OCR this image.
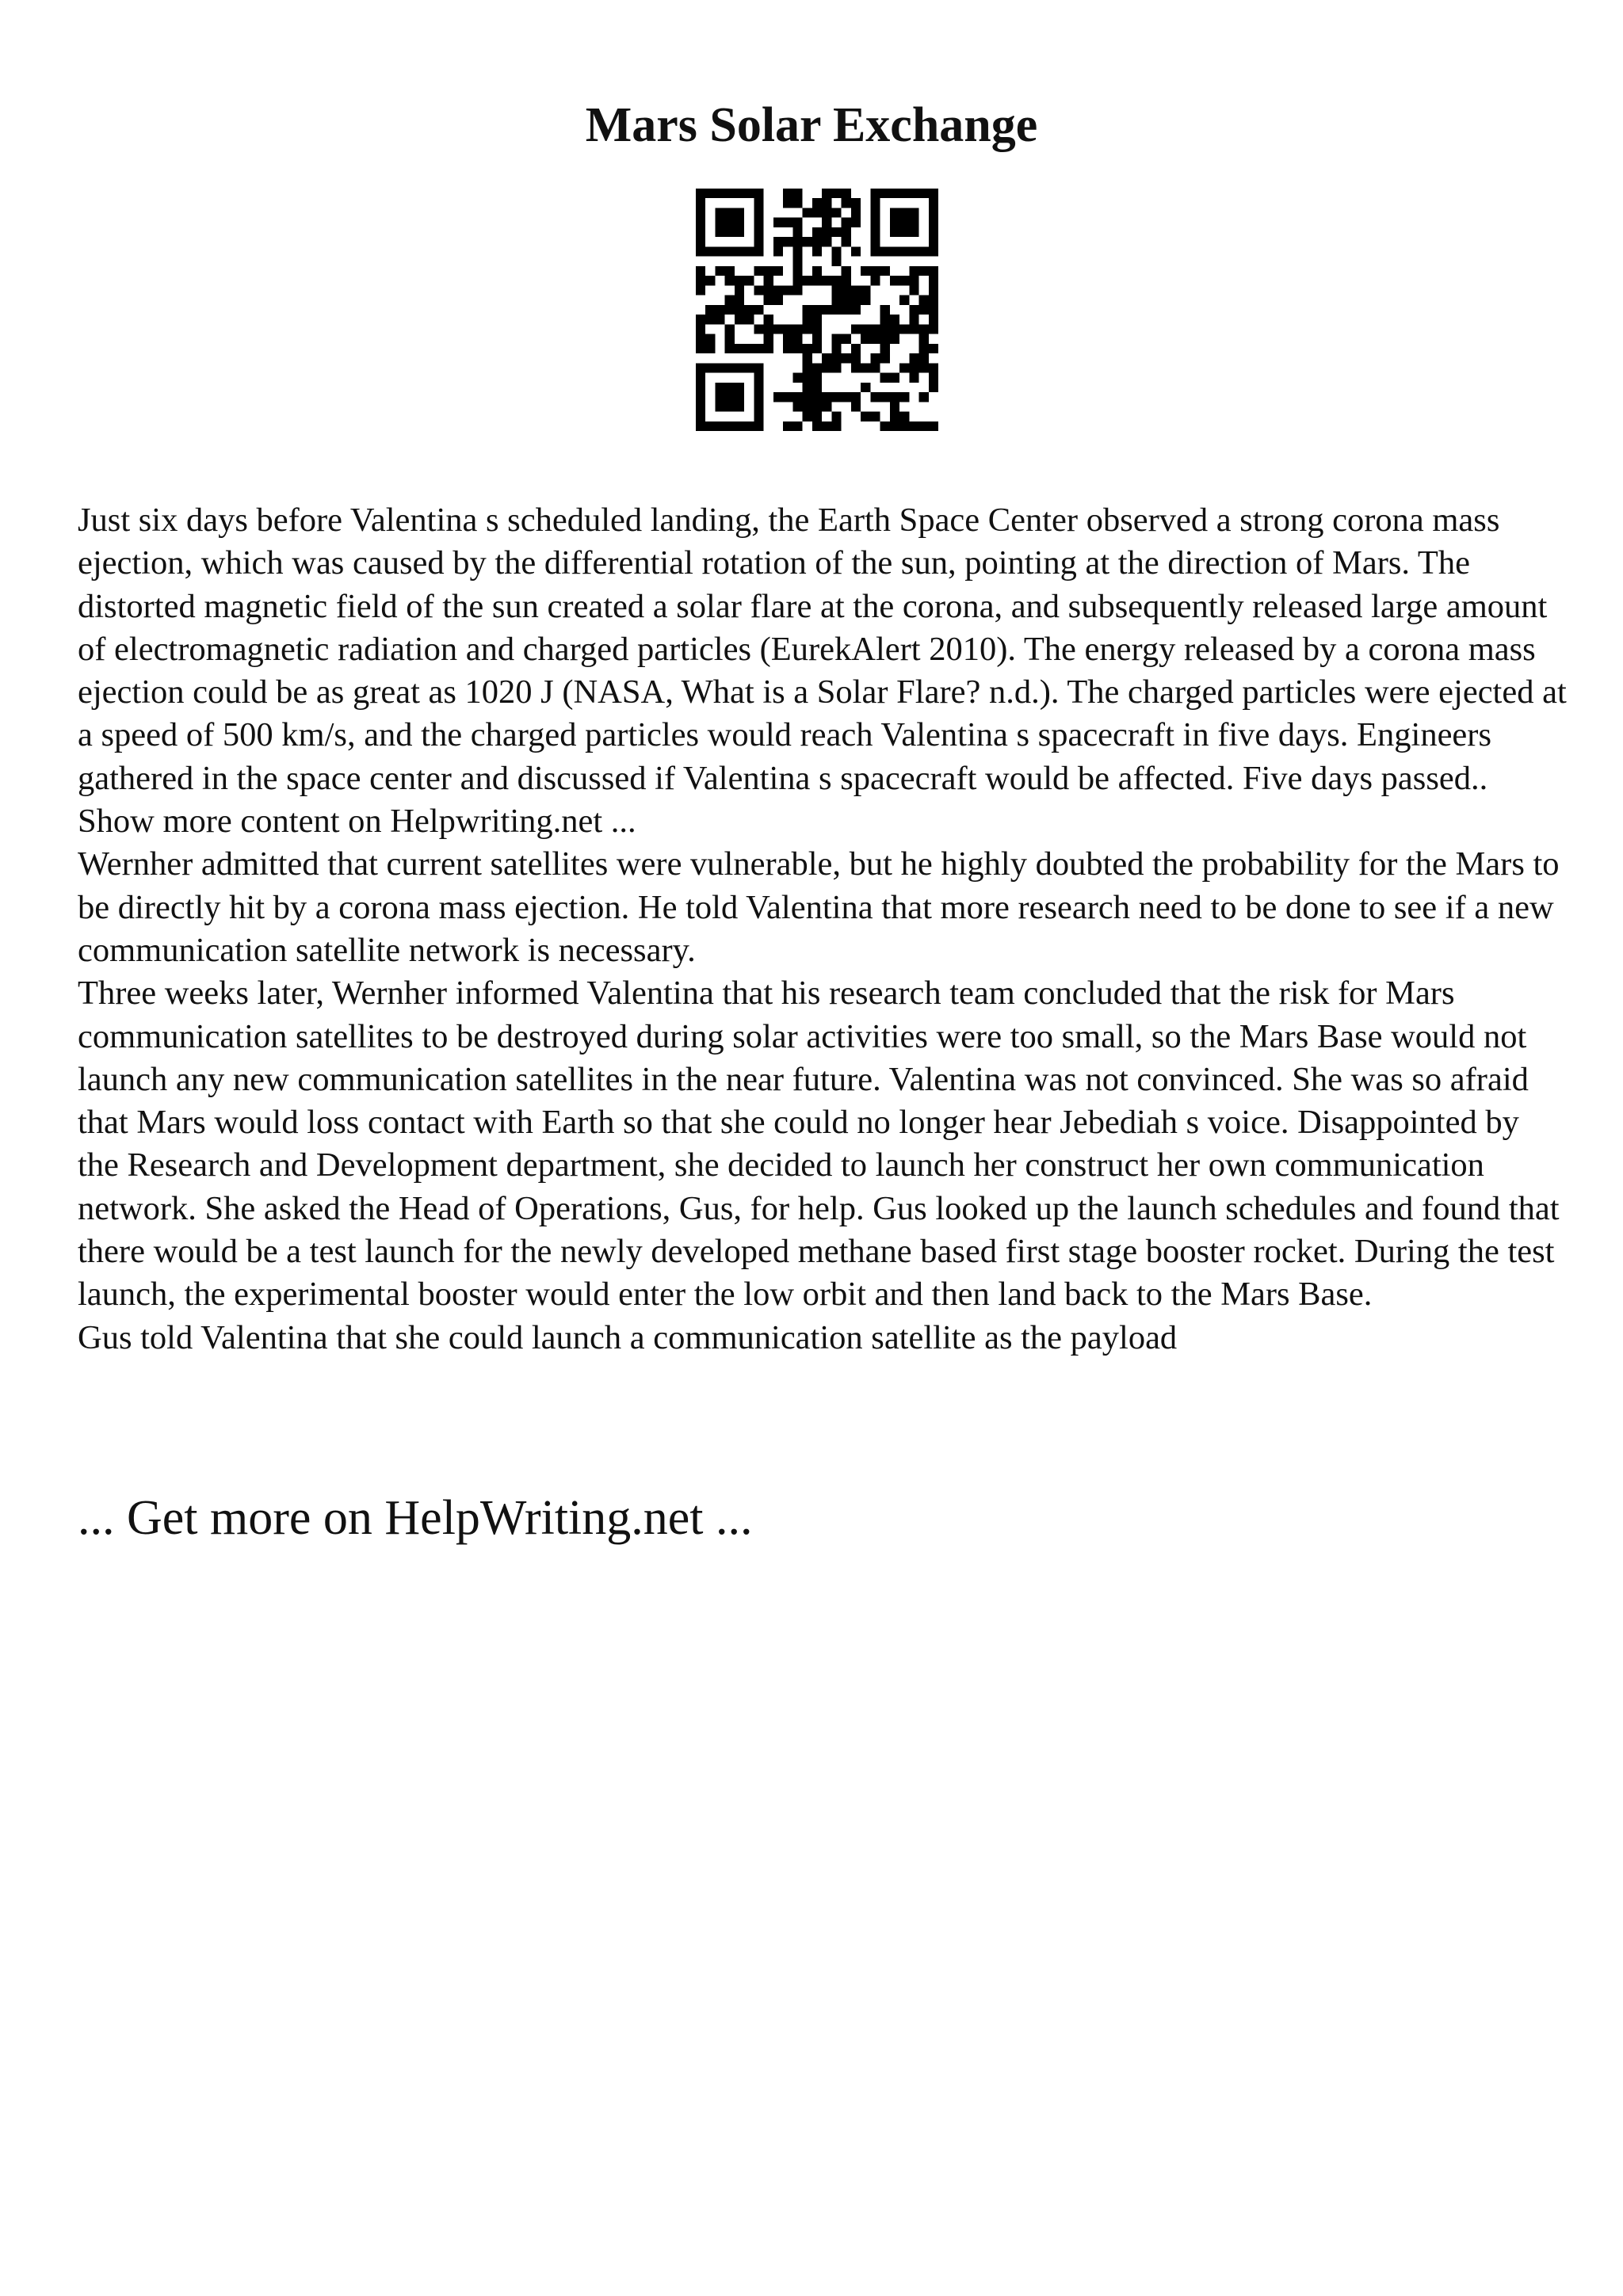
Mars Solar Exchange

Just six days before Valentina s scheduled landing, the Earth Space Center observed a strong corona mass ejection, which was caused by the differential rotation of the sun, pointing at the direction of Mars. The distorted magnetic field of the sun created a solar flare at the corona, and subsequently released large amount of electromagnetic radiation and charged particles (EurekAlert 2010). The energy released by a corona mass ejection could be as great as 1020 J (NASA, What is a Solar Flare? n.d.). The charged particles were ejected at a speed of 500 km/s, and the charged particles would reach Valentina s spacecraft in five days. Engineers gathered in the space center and discussed if Valentina s spacecraft would be affected. Five days passed.. Show more content on Helpwriting.net ...

Wernher admitted that current satellites were vulnerable, but he highly doubted the probability for the Mars to be directly hit by a corona mass ejection. He told Valentina that more research need to be done to see if a new communication satellite network is necessary.

Three weeks later, Wernher informed Valentina that his research team concluded that the risk for Mars communication satellites to be destroyed during solar activities were too small, so the Mars Base would not launch any new communication satellites in the near future. Valentina was not convinced. She was so afraid that Mars would loss contact with Earth so that she could no longer hear Jebediah s voice. Disappointed by the Research and Development department, she decided to launch her construct her own communication network. She asked the Head of Operations, Gus, for help. Gus looked up the launch schedules and found that there would be a test launch for the newly developed methane based first stage booster rocket. During the test launch, the experimental booster would enter the low orbit and then land back to the Mars Base.

Gus told Valentina that she could launch a communication satellite as the payload

... Get more on HelpWriting.net ...
